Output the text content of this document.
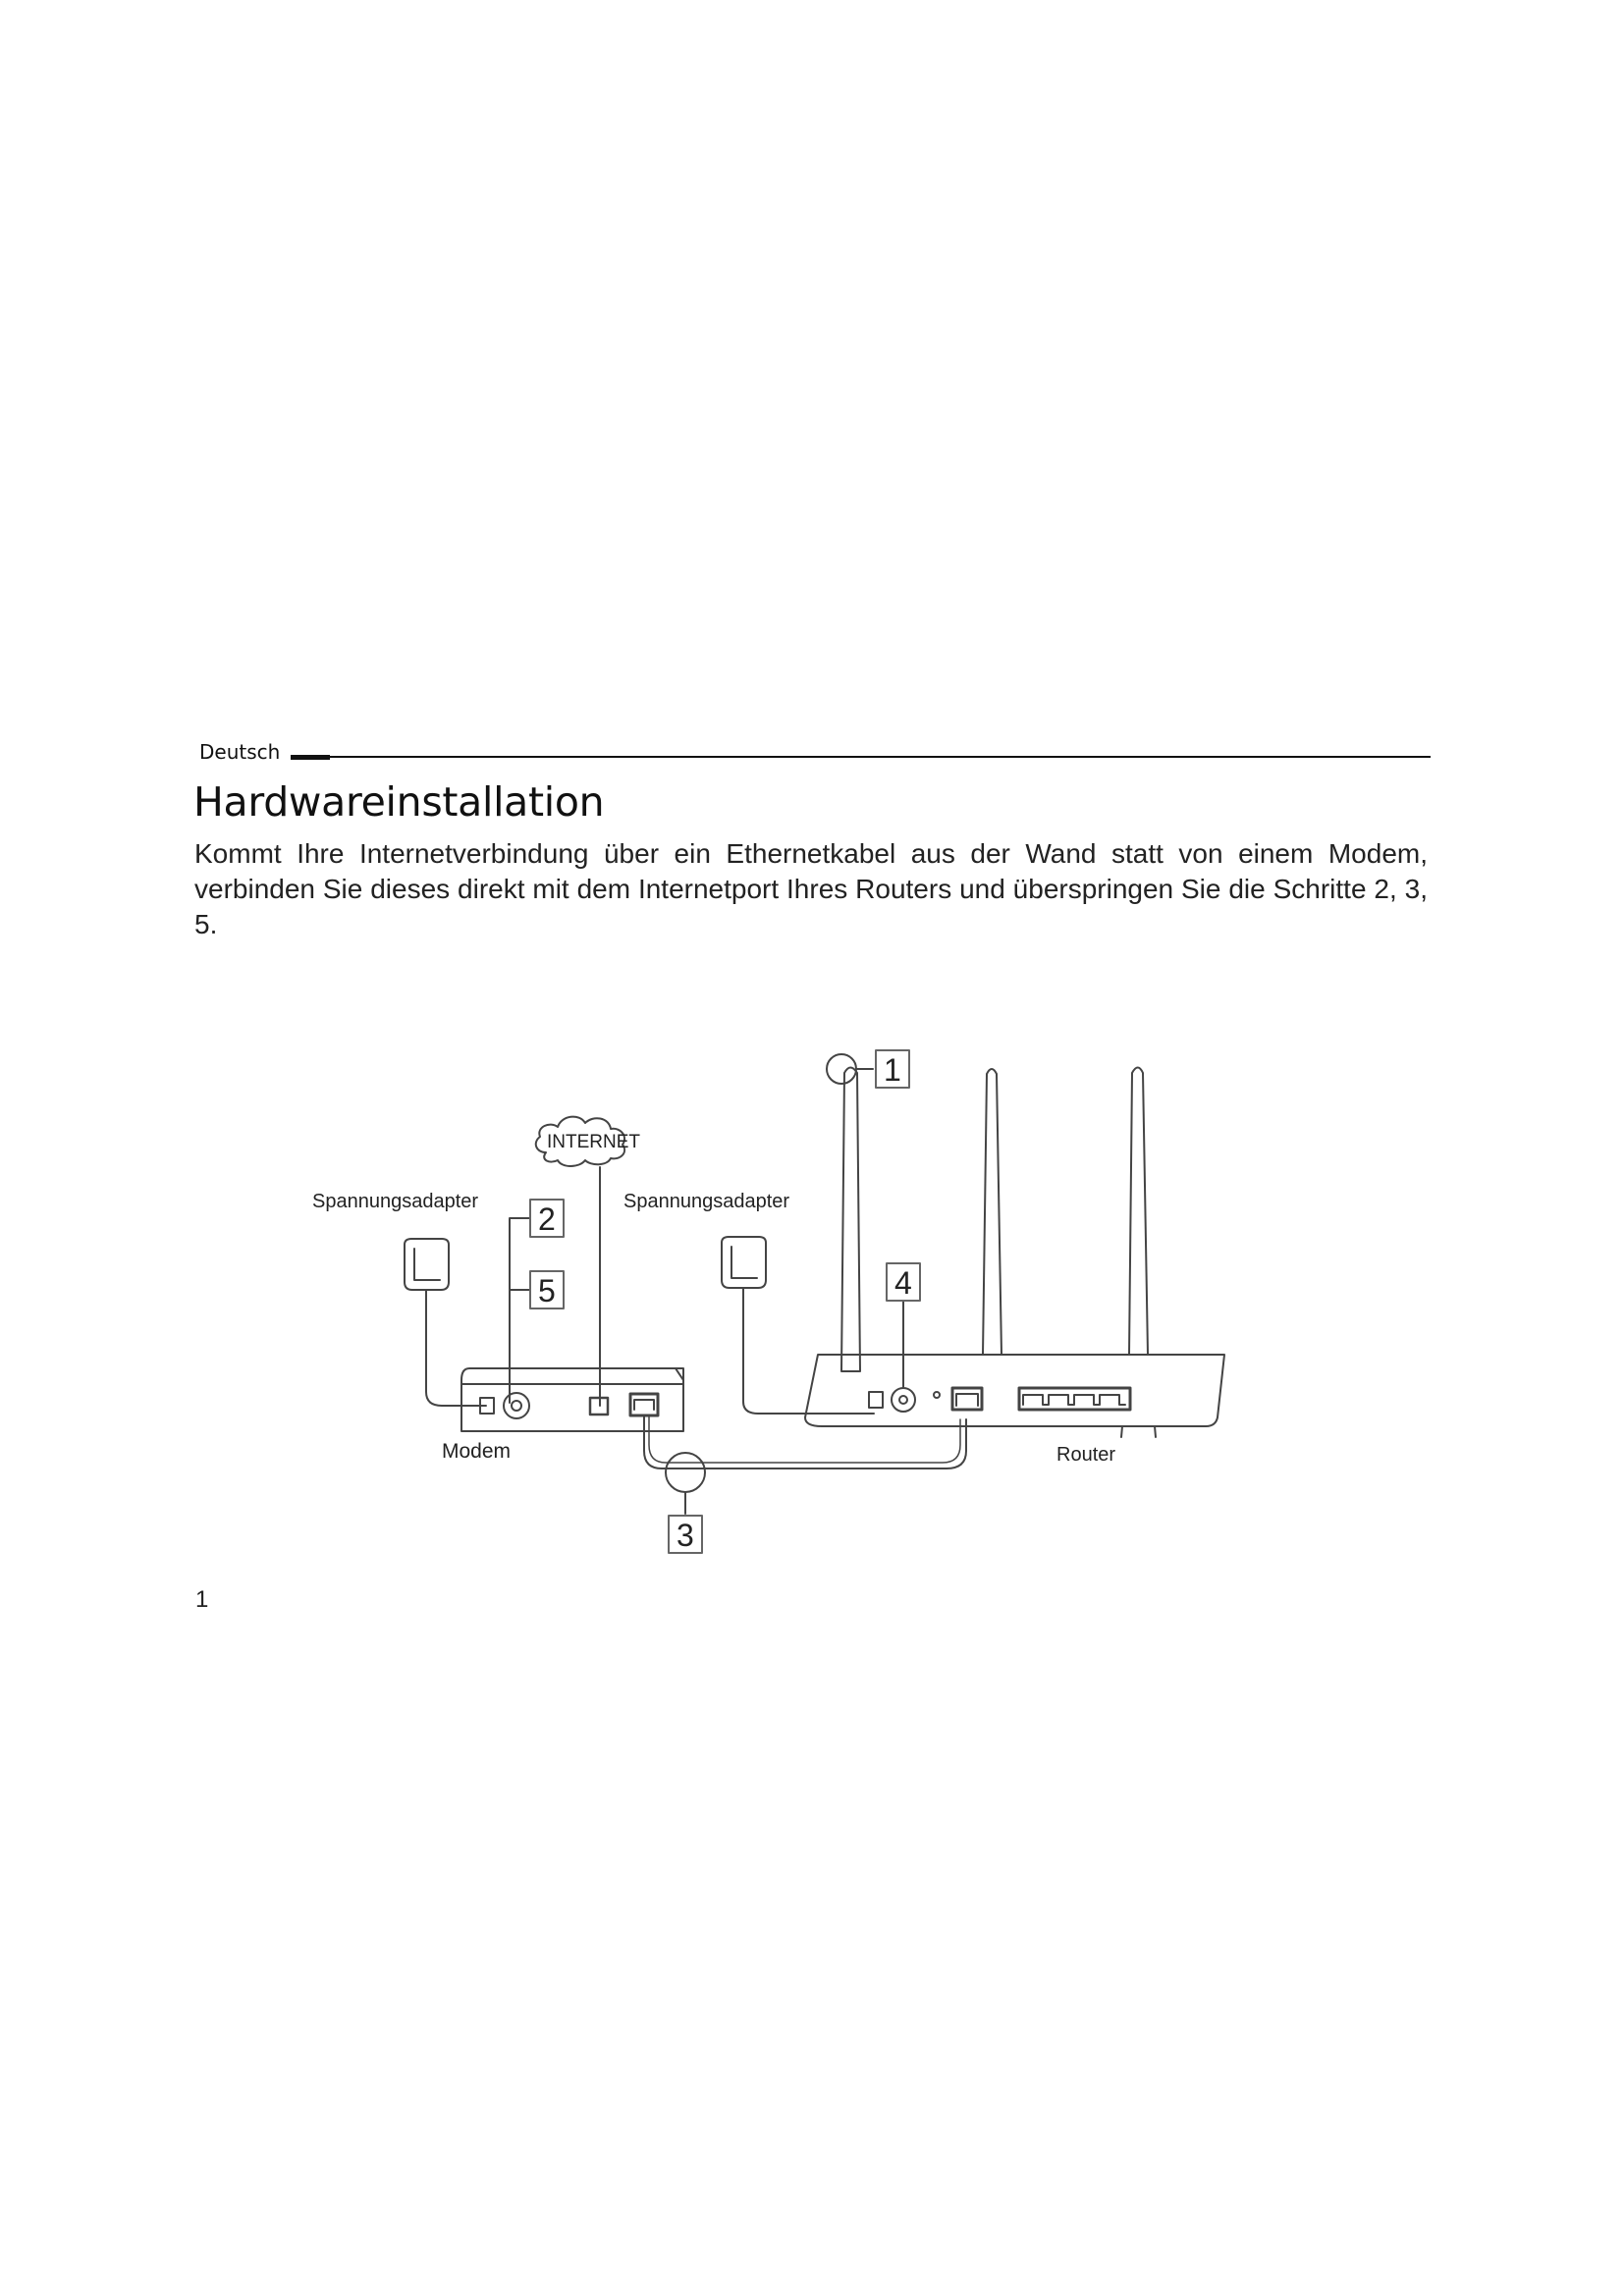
Deutsch
Hardwareinstallation

Kommt Ihre Internetverbindung über ein Ethernetkabel aus der Wand statt von einem Modem, verbinden Sie dieses direkt mit dem Internetport Ihres Routers und überspringen Sie die Schritte 2, 3, 5.

INTERNET
Spannungsadapter	Spannungsadapter
Modem	Router
1
2
5	4
3
1
